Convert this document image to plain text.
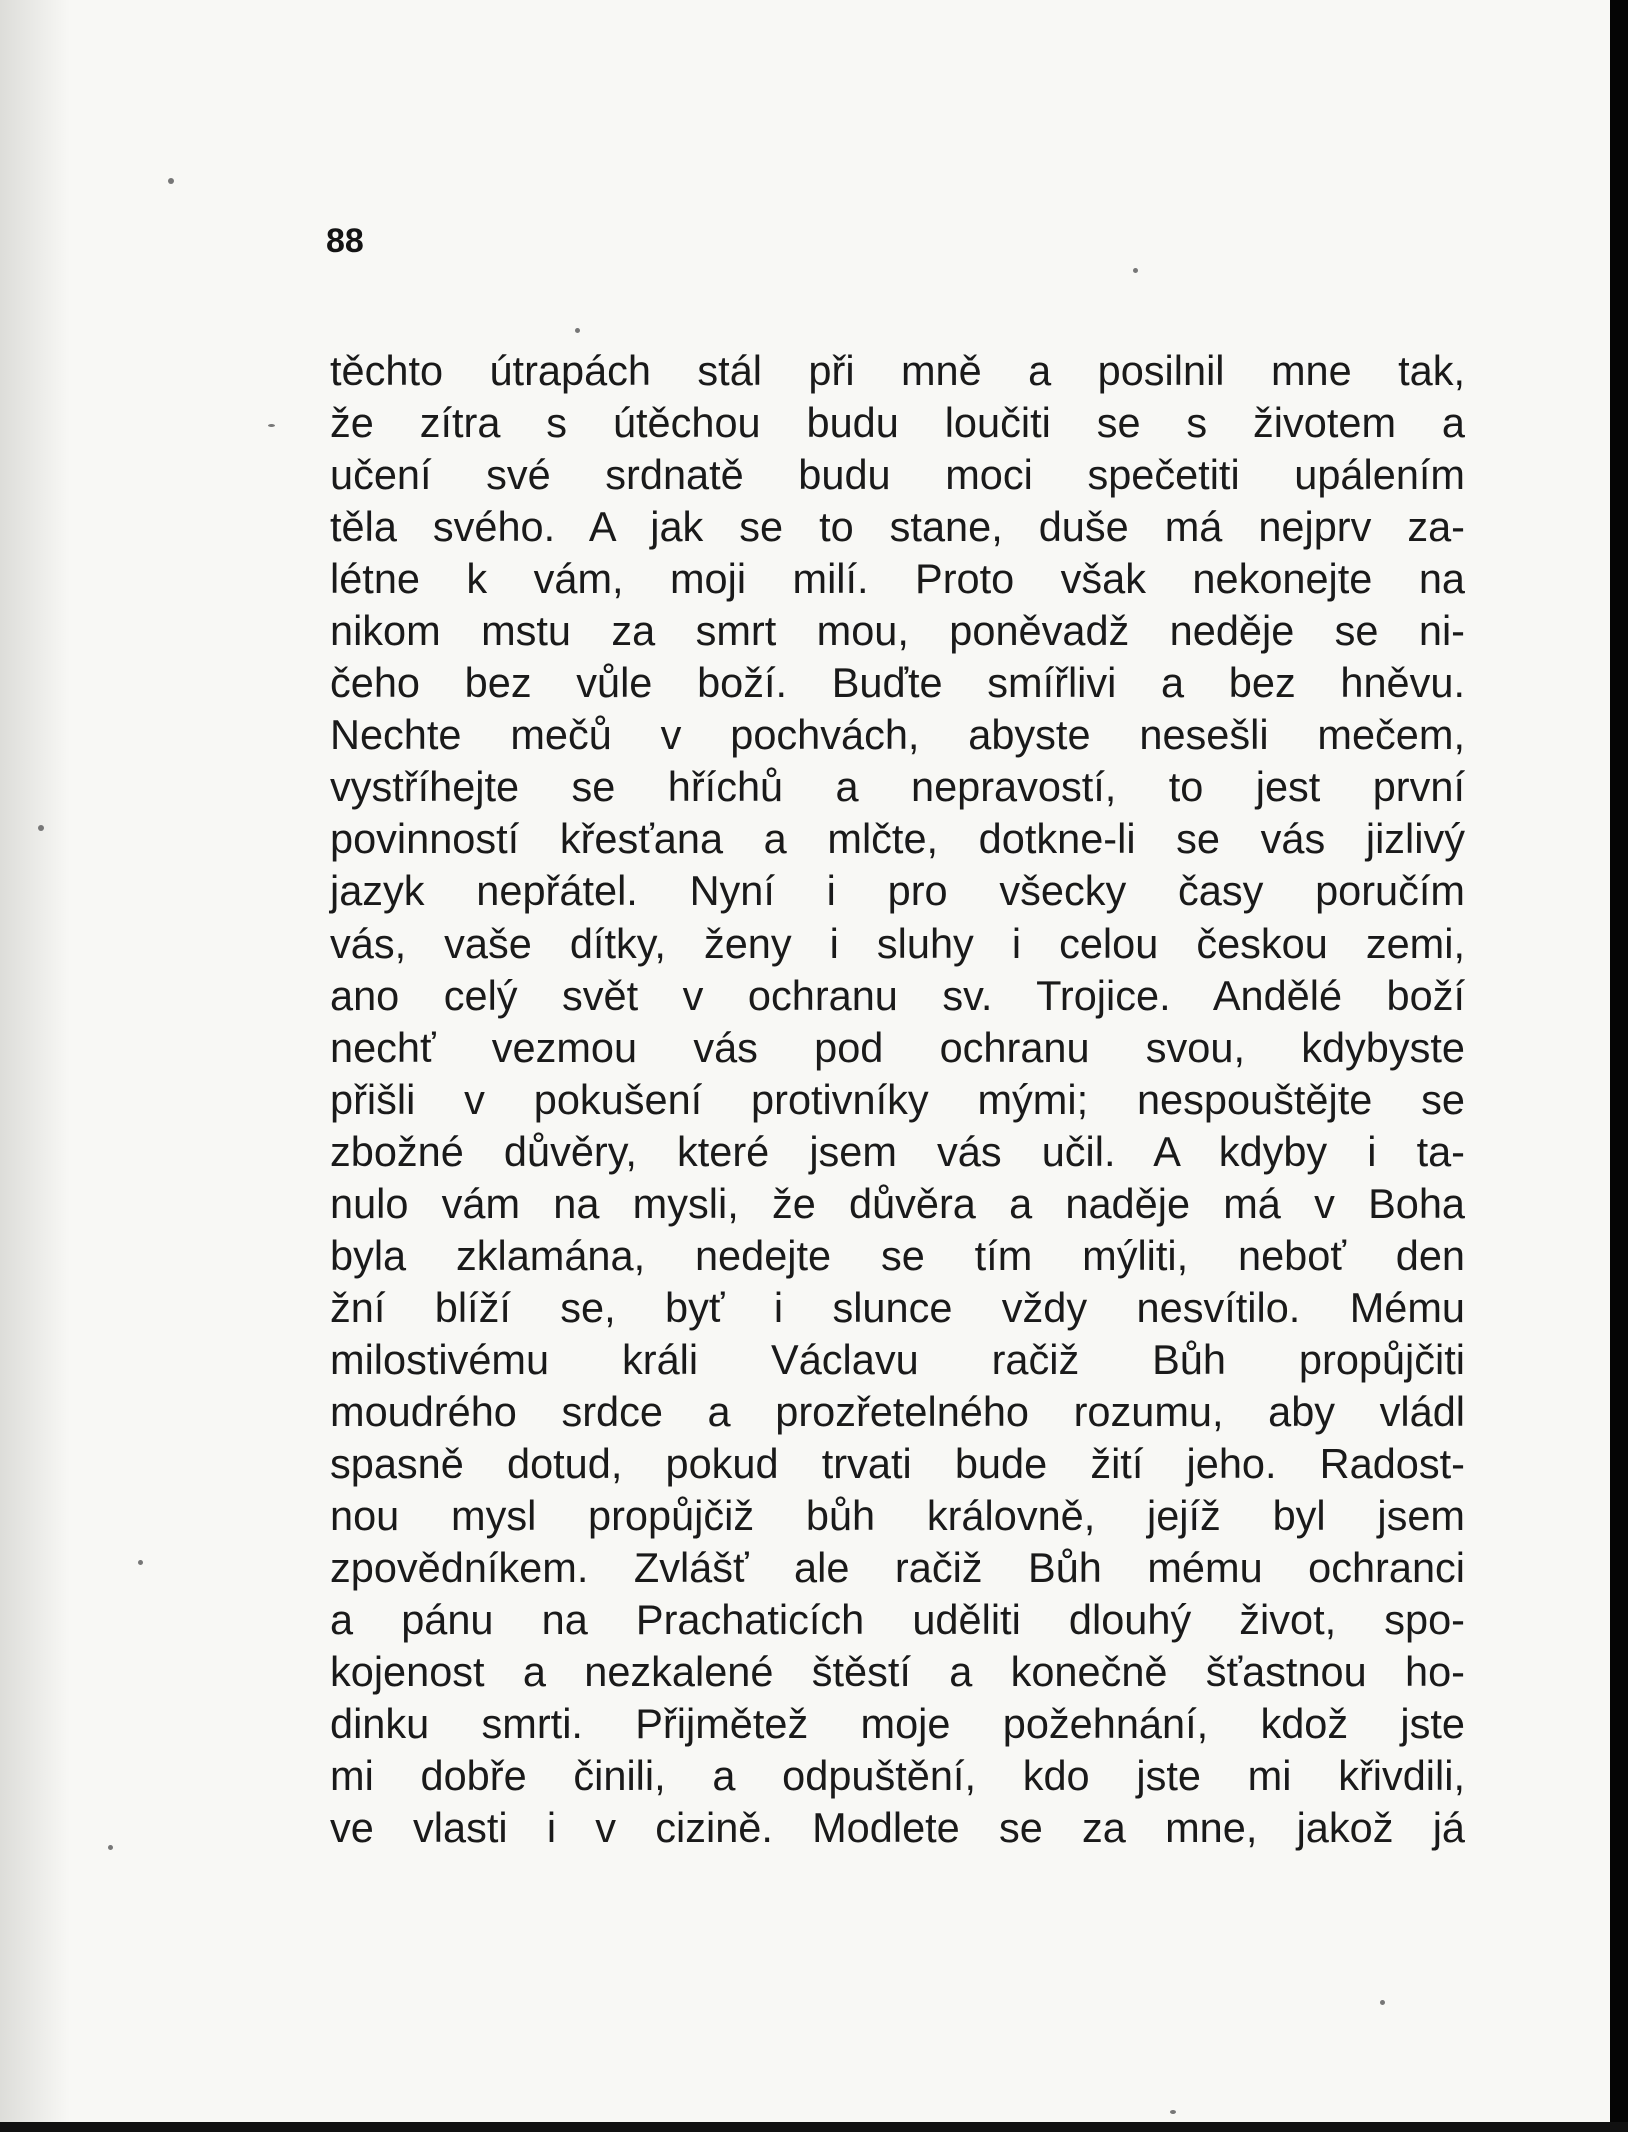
88
těchto útrapách stál při mně a posilnil mne tak,
že zítra s útěchou budu loučiti se s životem a
učení své srdnatě budu moci spečetiti upálením
těla svého. A jak se to stane, duše má nejprv za-
létne k vám, moji milí. Proto však nekonejte na
nikom mstu za smrt mou, poněvadž neděje se ni-
čeho bez vůle boží. Buďte smířlivi a bez hněvu.
Nechte mečů v pochvách, abyste nesešli mečem,
vystříhejte se hříchů a nepravostí, to jest první
povinností křesťana a mlčte, dotkne-li se vás jizlivý
jazyk nepřátel. Nyní i pro všecky časy poručím
vás, vaše dítky, ženy i sluhy i celou českou zemi,
ano celý svět v ochranu sv. Trojice. Andělé boží
nechť vezmou vás pod ochranu svou, kdybyste
přišli v pokušení protivníky mými; nespouštějte se
zbožné důvěry, které jsem vás učil. A kdyby i ta-
nulo vám na mysli, že důvěra a naděje má v Boha
byla zklamána, nedejte se tím mýliti, neboť den
žní blíží se, byť i slunce vždy nesvítilo. Mému
milostivému králi Václavu račiž Bůh propůjčiti
moudrého srdce a prozřetelného rozumu, aby vládl
spasně dotud, pokud trvati bude žití jeho. Radost-
nou mysl propůjčiž bůh královně, jejíž byl jsem
zpovědníkem. Zvlášť ale račiž Bůh mému ochranci
a pánu na Prachaticích uděliti dlouhý život, spo-
kojenost a nezkalené štěstí a konečně šťastnou ho-
dinku smrti. Přijmětež moje požehnání, kdož jste
mi dobře činili, a odpuštění, kdo jste mi křivdili,
ve vlasti i v cizině. Modlete se za mne, jakož já
